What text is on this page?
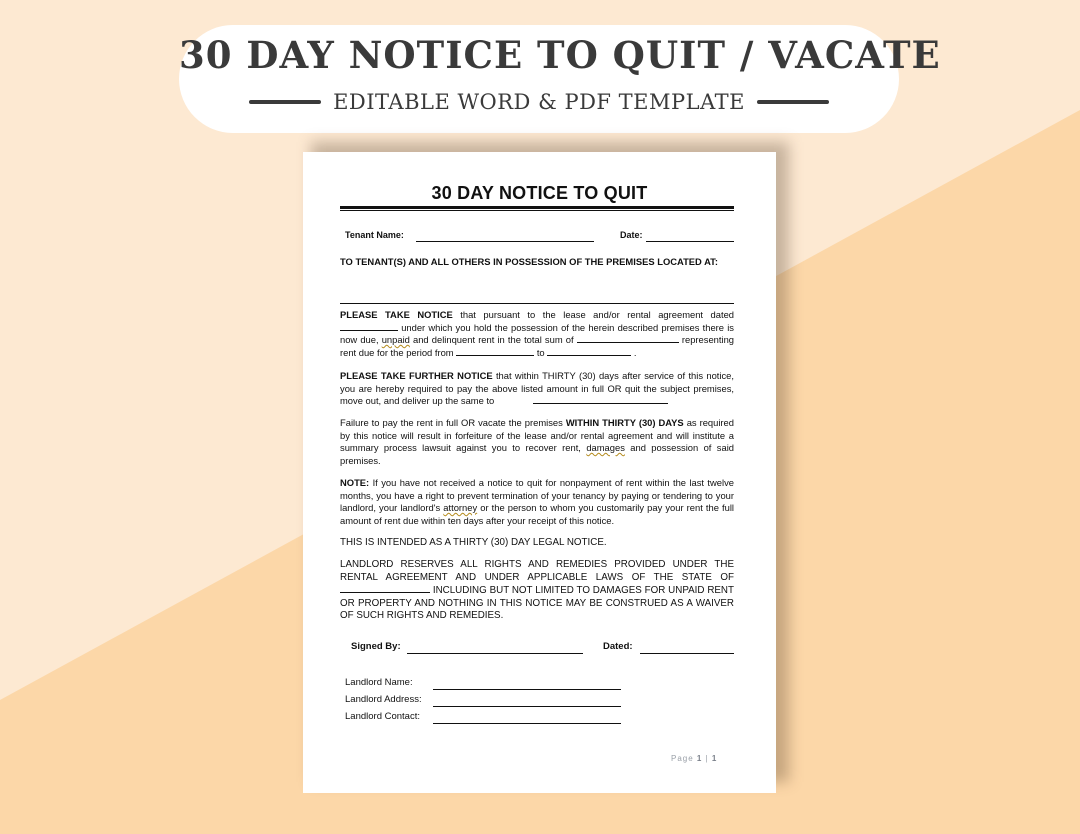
30 DAY NOTICE TO QUIT / VACATE
EDITABLE WORD & PDF TEMPLATE
30 DAY NOTICE TO QUIT
Tenant Name:	Date:
TO TENANT(S) AND ALL OTHERS IN POSSESSION OF THE PREMISES LOCATED AT:
PLEASE TAKE NOTICE that pursuant to the lease and/or rental agreement dated  under which you hold the possession of the herein described premises there is now due, unpaid and delinquent rent in the total sum of	representing rent due for the period from	to	.
PLEASE TAKE FURTHER NOTICE that within THIRTY (30) days after service of this notice, you are hereby required to pay the above listed amount in full OR quit the subject premises, move out, and deliver up the same to
Failure to pay the rent in full OR vacate the premises WITHIN THIRTY (30) DAYS as required by this notice will result in forfeiture of the lease and/or rental agreement and will institute a summary process lawsuit against you to recover rent, damages and possession of said premises.
NOTE: If you have not received a notice to quit for nonpayment of rent within the last twelve months, you have a right to prevent termination of your tenancy by paying or tendering to your landlord, your landlord's attorney or the person to whom you customarily pay your rent the full amount of rent due within ten days after your receipt of this notice.
THIS IS INTENDED AS A THIRTY (30) DAY LEGAL NOTICE.
LANDLORD RESERVES ALL RIGHTS AND REMEDIES PROVIDED UNDER THE RENTAL AGREEMENT AND UNDER APPLICABLE LAWS OF THE STATE OF  INCLUDING BUT NOT LIMITED TO DAMAGES FOR UNPAID RENT OR PROPERTY AND NOTHING IN THIS NOTICE MAY BE CONSTRUED AS A WAIVER OF SUCH RIGHTS AND REMEDIES.
Signed By:	Dated:
Landlord Name:
Landlord Address:
Landlord Contact:
Page 1 | 1
